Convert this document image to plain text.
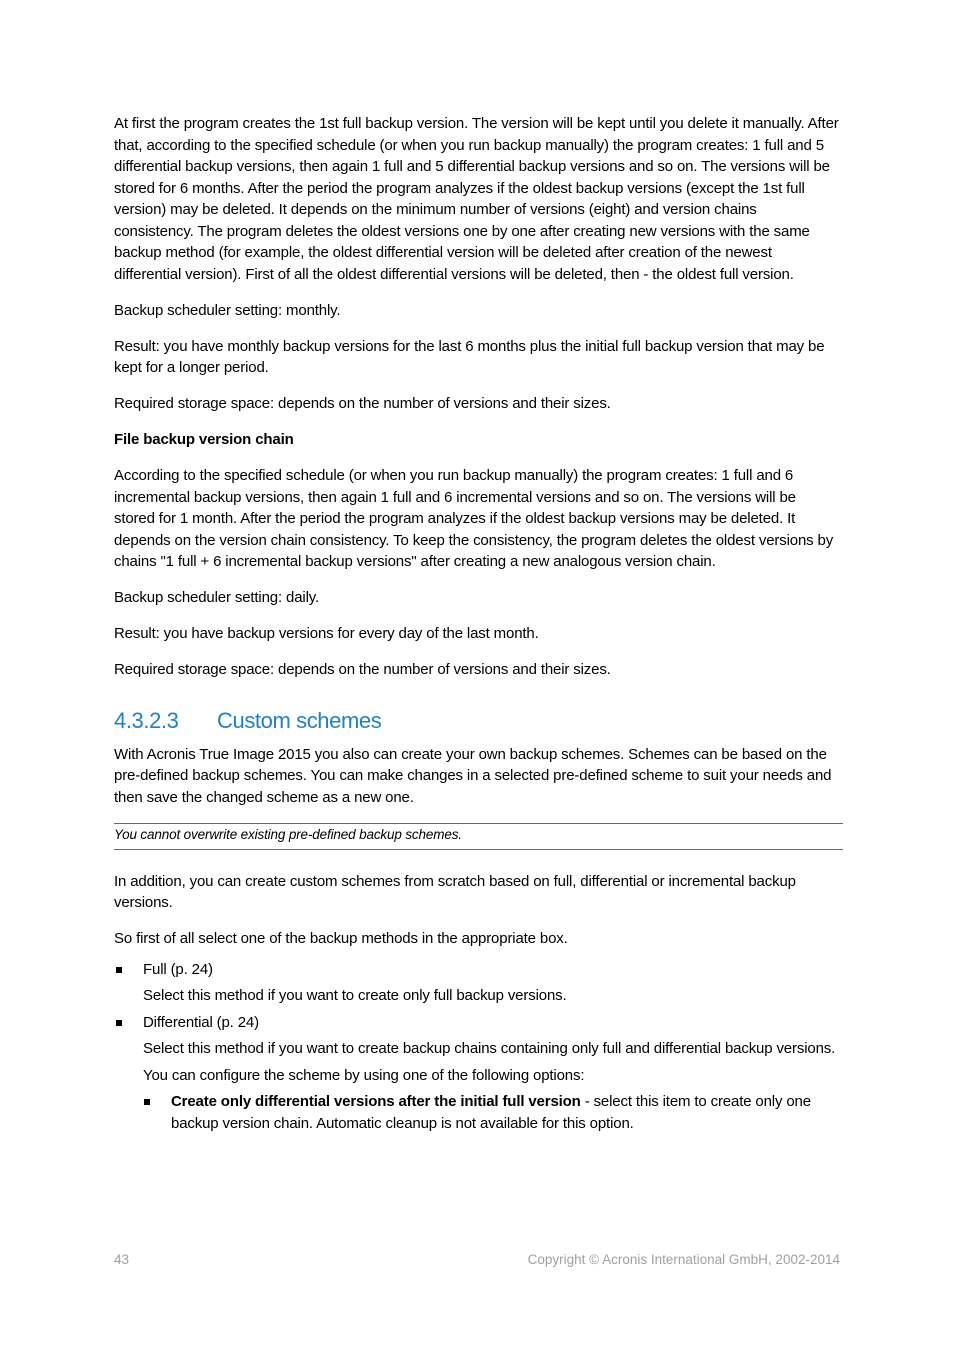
At first the program creates the 1st full backup version. The version will be kept until you delete it manually. After that, according to the specified schedule (or when you run backup manually) the program creates: 1 full and 5 differential backup versions, then again 1 full and 5 differential backup versions and so on. The versions will be stored for 6 months. After the period the program analyzes if the oldest backup versions (except the 1st full version) may be deleted. It depends on the minimum number of versions (eight) and version chains consistency. The program deletes the oldest versions one by one after creating new versions with the same backup method (for example, the oldest differential version will be deleted after creation of the newest differential version). First of all the oldest differential versions will be deleted, then - the oldest full version.

Backup scheduler setting: monthly.

Result: you have monthly backup versions for the last 6 months plus the initial full backup version that may be kept for a longer period.

Required storage space: depends on the number of versions and their sizes.

File backup version chain

According to the specified schedule (or when you run backup manually) the program creates: 1 full and 6 incremental backup versions, then again 1 full and 6 incremental versions and so on. The versions will be stored for 1 month. After the period the program analyzes if the oldest backup versions may be deleted. It depends on the version chain consistency. To keep the consistency, the program deletes the oldest versions by chains "1 full + 6 incremental backup versions" after creating a new analogous version chain.

Backup scheduler setting: daily.

Result: you have backup versions for every day of the last month.

Required storage space: depends on the number of versions and their sizes.

4.3.2.3 Custom schemes

With Acronis True Image 2015 you also can create your own backup schemes. Schemes can be based on the pre-defined backup schemes. You can make changes in a selected pre-defined scheme to suit your needs and then save the changed scheme as a new one.

You cannot overwrite existing pre-defined backup schemes.

In addition, you can create custom schemes from scratch based on full, differential or incremental backup versions.

So first of all select one of the backup methods in the appropriate box.

Full (p. 24)
Select this method if you want to create only full backup versions.
Differential (p. 24)
Select this method if you want to create backup chains containing only full and differential backup versions.
You can configure the scheme by using one of the following options:
Create only differential versions after the initial full version - select this item to create only one backup version chain. Automatic cleanup is not available for this option.
43	Copyright © Acronis International GmbH, 2002-2014
